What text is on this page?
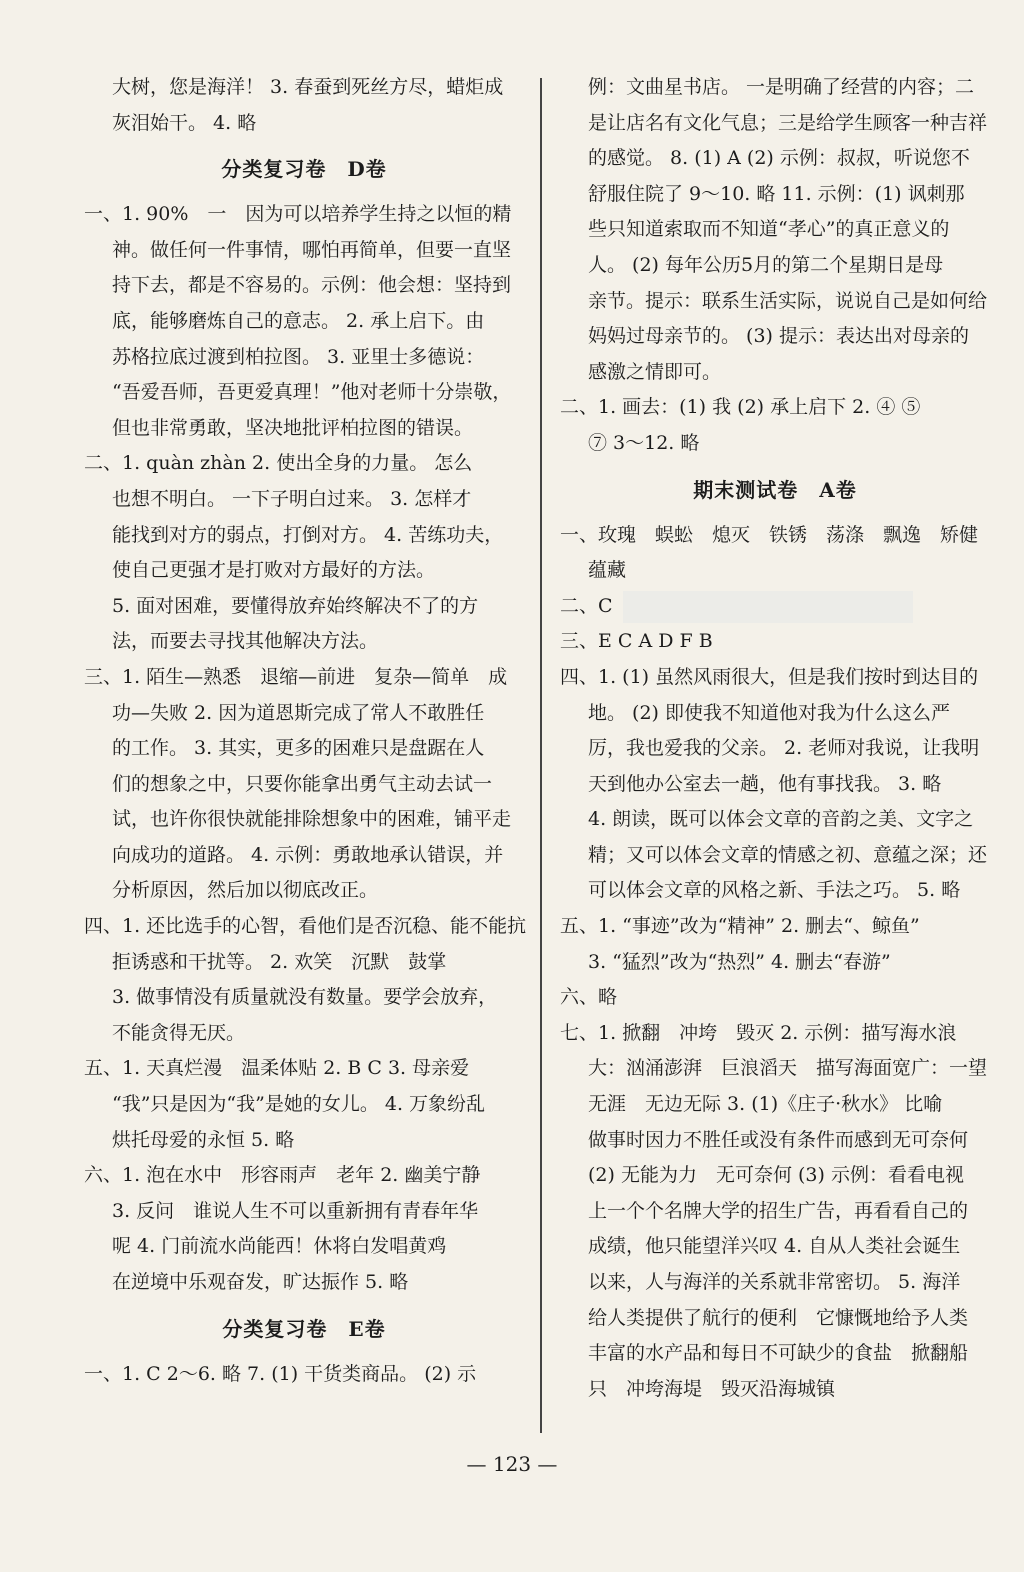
大树，您是海洋！ 3. 春蚕到死丝方尽，蜡炬成
灰泪始干。 4. 略
分类复习卷　D卷
一、1. 90%　一　因为可以培养学生持之以恒的精
神。做任何一件事情，哪怕再简单，但要一直坚
持下去，都是不容易的。示例：他会想：坚持到
底，能够磨炼自己的意志。 2. 承上启下。由
苏格拉底过渡到柏拉图。 3. 亚里士多德说：
“吾爱吾师，吾更爱真理！”他对老师十分崇敬，
但也非常勇敢，坚决地批评柏拉图的错误。
二、1. quàn zhàn 2. 使出全身的力量。 怎么
也想不明白。 一下子明白过来。 3. 怎样才
能找到对方的弱点，打倒对方。 4. 苦练功夫，
使自己更强才是打败对方最好的方法。
5. 面对困难，要懂得放弃始终解决不了的方
法，而要去寻找其他解决方法。
三、1. 陌生—熟悉　退缩—前进　复杂—简单　成
功—失败 2. 因为道恩斯完成了常人不敢胜任
的工作。 3. 其实，更多的困难只是盘踞在人
们的想象之中，只要你能拿出勇气主动去试一
试，也许你很快就能排除想象中的困难，铺平走
向成功的道路。 4. 示例：勇敢地承认错误，并
分析原因，然后加以彻底改正。
四、1. 还比选手的心智，看他们是否沉稳、能不能抗
拒诱惑和干扰等。 2. 欢笑　沉默　鼓掌
3. 做事情没有质量就没有数量。要学会放弃，
不能贪得无厌。
五、1. 天真烂漫　温柔体贴 2. B C 3. 母亲爱
“我”只是因为“我”是她的女儿。 4. 万象纷乱
烘托母爱的永恒 5. 略
六、1. 泡在水中　形容雨声　老年 2. 幽美宁静
3. 反问　谁说人生不可以重新拥有青春年华
呢 4. 门前流水尚能西！休将白发唱黄鸡
在逆境中乐观奋发，旷达振作 5. 略
分类复习卷　E卷
一、1. C 2～6. 略 7. (1) 干货类商品。 (2) 示
例：文曲星书店。 一是明确了经营的内容；二
是让店名有文化气息；三是给学生顾客一种吉祥
的感觉。 8. (1) A (2) 示例：叔叔，听说您不
舒服住院了 9～10. 略 11. 示例：(1) 讽刺那
些只知道索取而不知道“孝心”的真正意义的
人。 (2) 每年公历5月的第二个星期日是母
亲节。提示：联系生活实际，说说自己是如何给
妈妈过母亲节的。 (3) 提示：表达出对母亲的
感激之情即可。
二、1. 画去：(1) 我 (2) 承上启下 2. ④ ⑤
⑦ 3～12. 略
期末测试卷　A卷
一、玫瑰　蜈蚣　熄灭　铁锈　荡涤　飘逸　矫健
蕴藏
二、C
三、E C A D F B
四、1. (1) 虽然风雨很大，但是我们按时到达目的
地。 (2) 即使我不知道他对我为什么这么严
厉，我也爱我的父亲。 2. 老师对我说，让我明
天到他办公室去一趟，他有事找我。 3. 略
4. 朗读，既可以体会文章的音韵之美、文字之
精；又可以体会文章的情感之初、意蕴之深；还
可以体会文章的风格之新、手法之巧。 5. 略
五、1. “事迹”改为“精神” 2. 删去“、鲸鱼”
3. “猛烈”改为“热烈” 4. 删去“春游”
六、略
七、1. 掀翻　冲垮　毁灭 2. 示例：描写海水浪
大：汹涌澎湃　巨浪滔天　描写海面宽广：一望
无涯　无边无际 3. (1)《庄子·秋水》 比喻
做事时因力不胜任或没有条件而感到无可奈何
(2) 无能为力　无可奈何 (3) 示例：看看电视
上一个个名牌大学的招生广告，再看看自己的
成绩，他只能望洋兴叹 4. 自从人类社会诞生
以来，人与海洋的关系就非常密切。 5. 海洋
给人类提供了航行的便利　它慷慨地给予人类
丰富的水产品和每日不可缺少的食盐　掀翻船
只　冲垮海堤　毁灭沿海城镇
— 123 —
